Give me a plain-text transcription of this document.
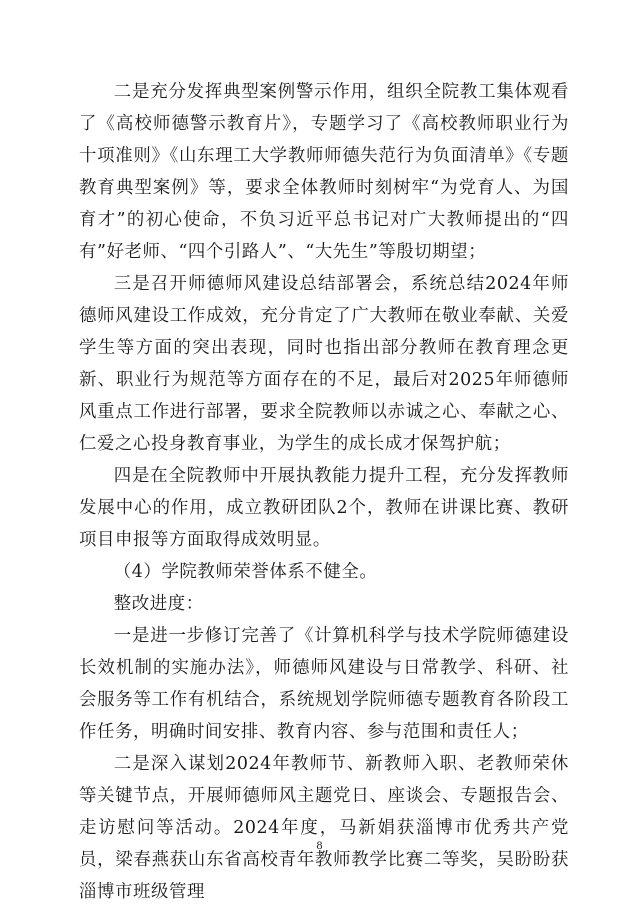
二是充分发挥典型案例警示作用，组织全院教工集体观看了《高校师德警示教育片》，专题学习了《高校教师职业行为十项准则》《山东理工大学教师师德失范行为负面清单》《专题教育典型案例》等，要求全体教师时刻树牢“为党育人、为国育才”的初心使命，不负习近平总书记对广大教师提出的“四有”好老师、“四个引路人”、“大先生”等殷切期望；

三是召开师德师风建设总结部署会，系统总结2024年师德师风建设工作成效，充分肯定了广大教师在敬业奉献、关爱学生等方面的突出表现，同时也指出部分教师在教育理念更新、职业行为规范等方面存在的不足，最后对2025年师德师风重点工作进行部署，要求全院教师以赤诚之心、奉献之心、仁爱之心投身教育事业，为学生的成长成才保驾护航；

四是在全院教师中开展执教能力提升工程，充分发挥教师发展中心的作用，成立教研团队2个，教师在讲课比赛、教研项目申报等方面取得成效明显。

（4）学院教师荣誉体系不健全。

整改进度：

一是进一步修订完善了《计算机科学与技术学院师德建设长效机制的实施办法》，师德师风建设与日常教学、科研、社会服务等工作有机结合，系统规划学院师德专题教育各阶段工作任务，明确时间安排、教育内容、参与范围和责任人；

二是深入谋划2024年教师节、新教师入职、老教师荣休等关键节点，开展师德师风主题党日、座谈会、专题报告会、走访慰问等活动。2024年度，马新娟获淄博市优秀共产党员，梁春燕获山东省高校青年教师教学比赛二等奖，吴盼盼获淄博市班级管理

8
